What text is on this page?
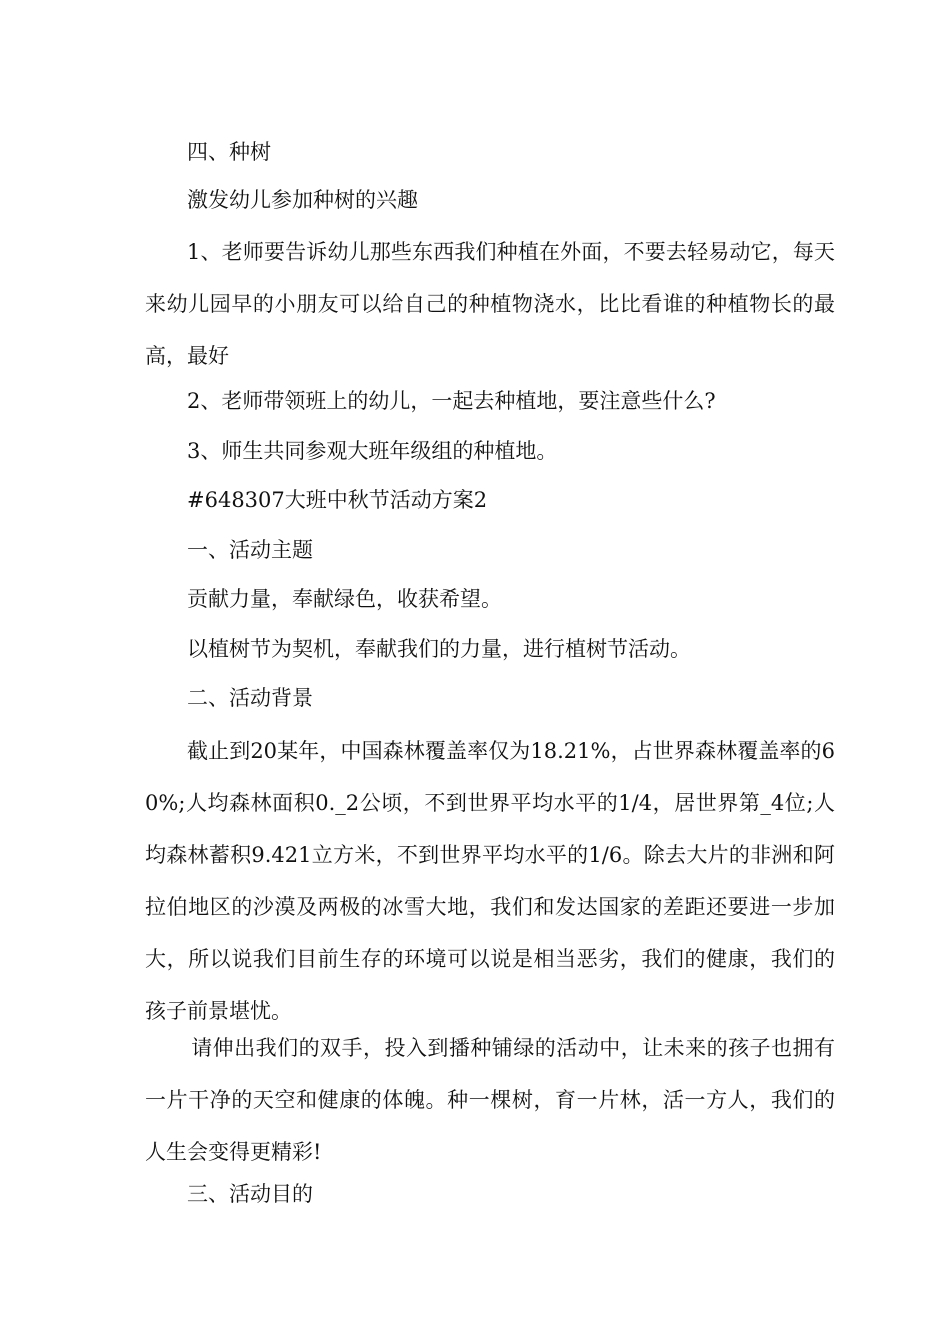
四、种树

激发幼儿参加种树的兴趣

1、老师要告诉幼儿那些东西我们种植在外面，不要去轻易动它，每天来幼儿园早的小朋友可以给自己的种植物浇水，比比看谁的种植物长的最高，最好

2、老师带领班上的幼儿，一起去种植地，要注意些什么?

3、师生共同参观大班年级组的种植地。

#648307大班中秋节活动方案2

一、活动主题

贡献力量，奉献绿色，收获希望。

以植树节为契机，奉献我们的力量，进行植树节活动。

二、活动背景

截止到20某年，中国森林覆盖率仅为18.21%，占世界森林覆盖率的60%;人均森林面积0._2公顷，不到世界平均水平的1/4，居世界第_4位;人均森林蓄积9.421立方米，不到世界平均水平的1/6。除去大片的非洲和阿拉伯地区的沙漠及两极的冰雪大地，我们和发达国家的差距还要进一步加大，所以说我们目前生存的环境可以说是相当恶劣，我们的健康，我们的孩子前景堪忧。

请伸出我们的双手，投入到播种铺绿的活动中，让未来的孩子也拥有一片干净的天空和健康的体魄。种一棵树，育一片林，活一方人，我们的人生会变得更精彩!

三、活动目的
